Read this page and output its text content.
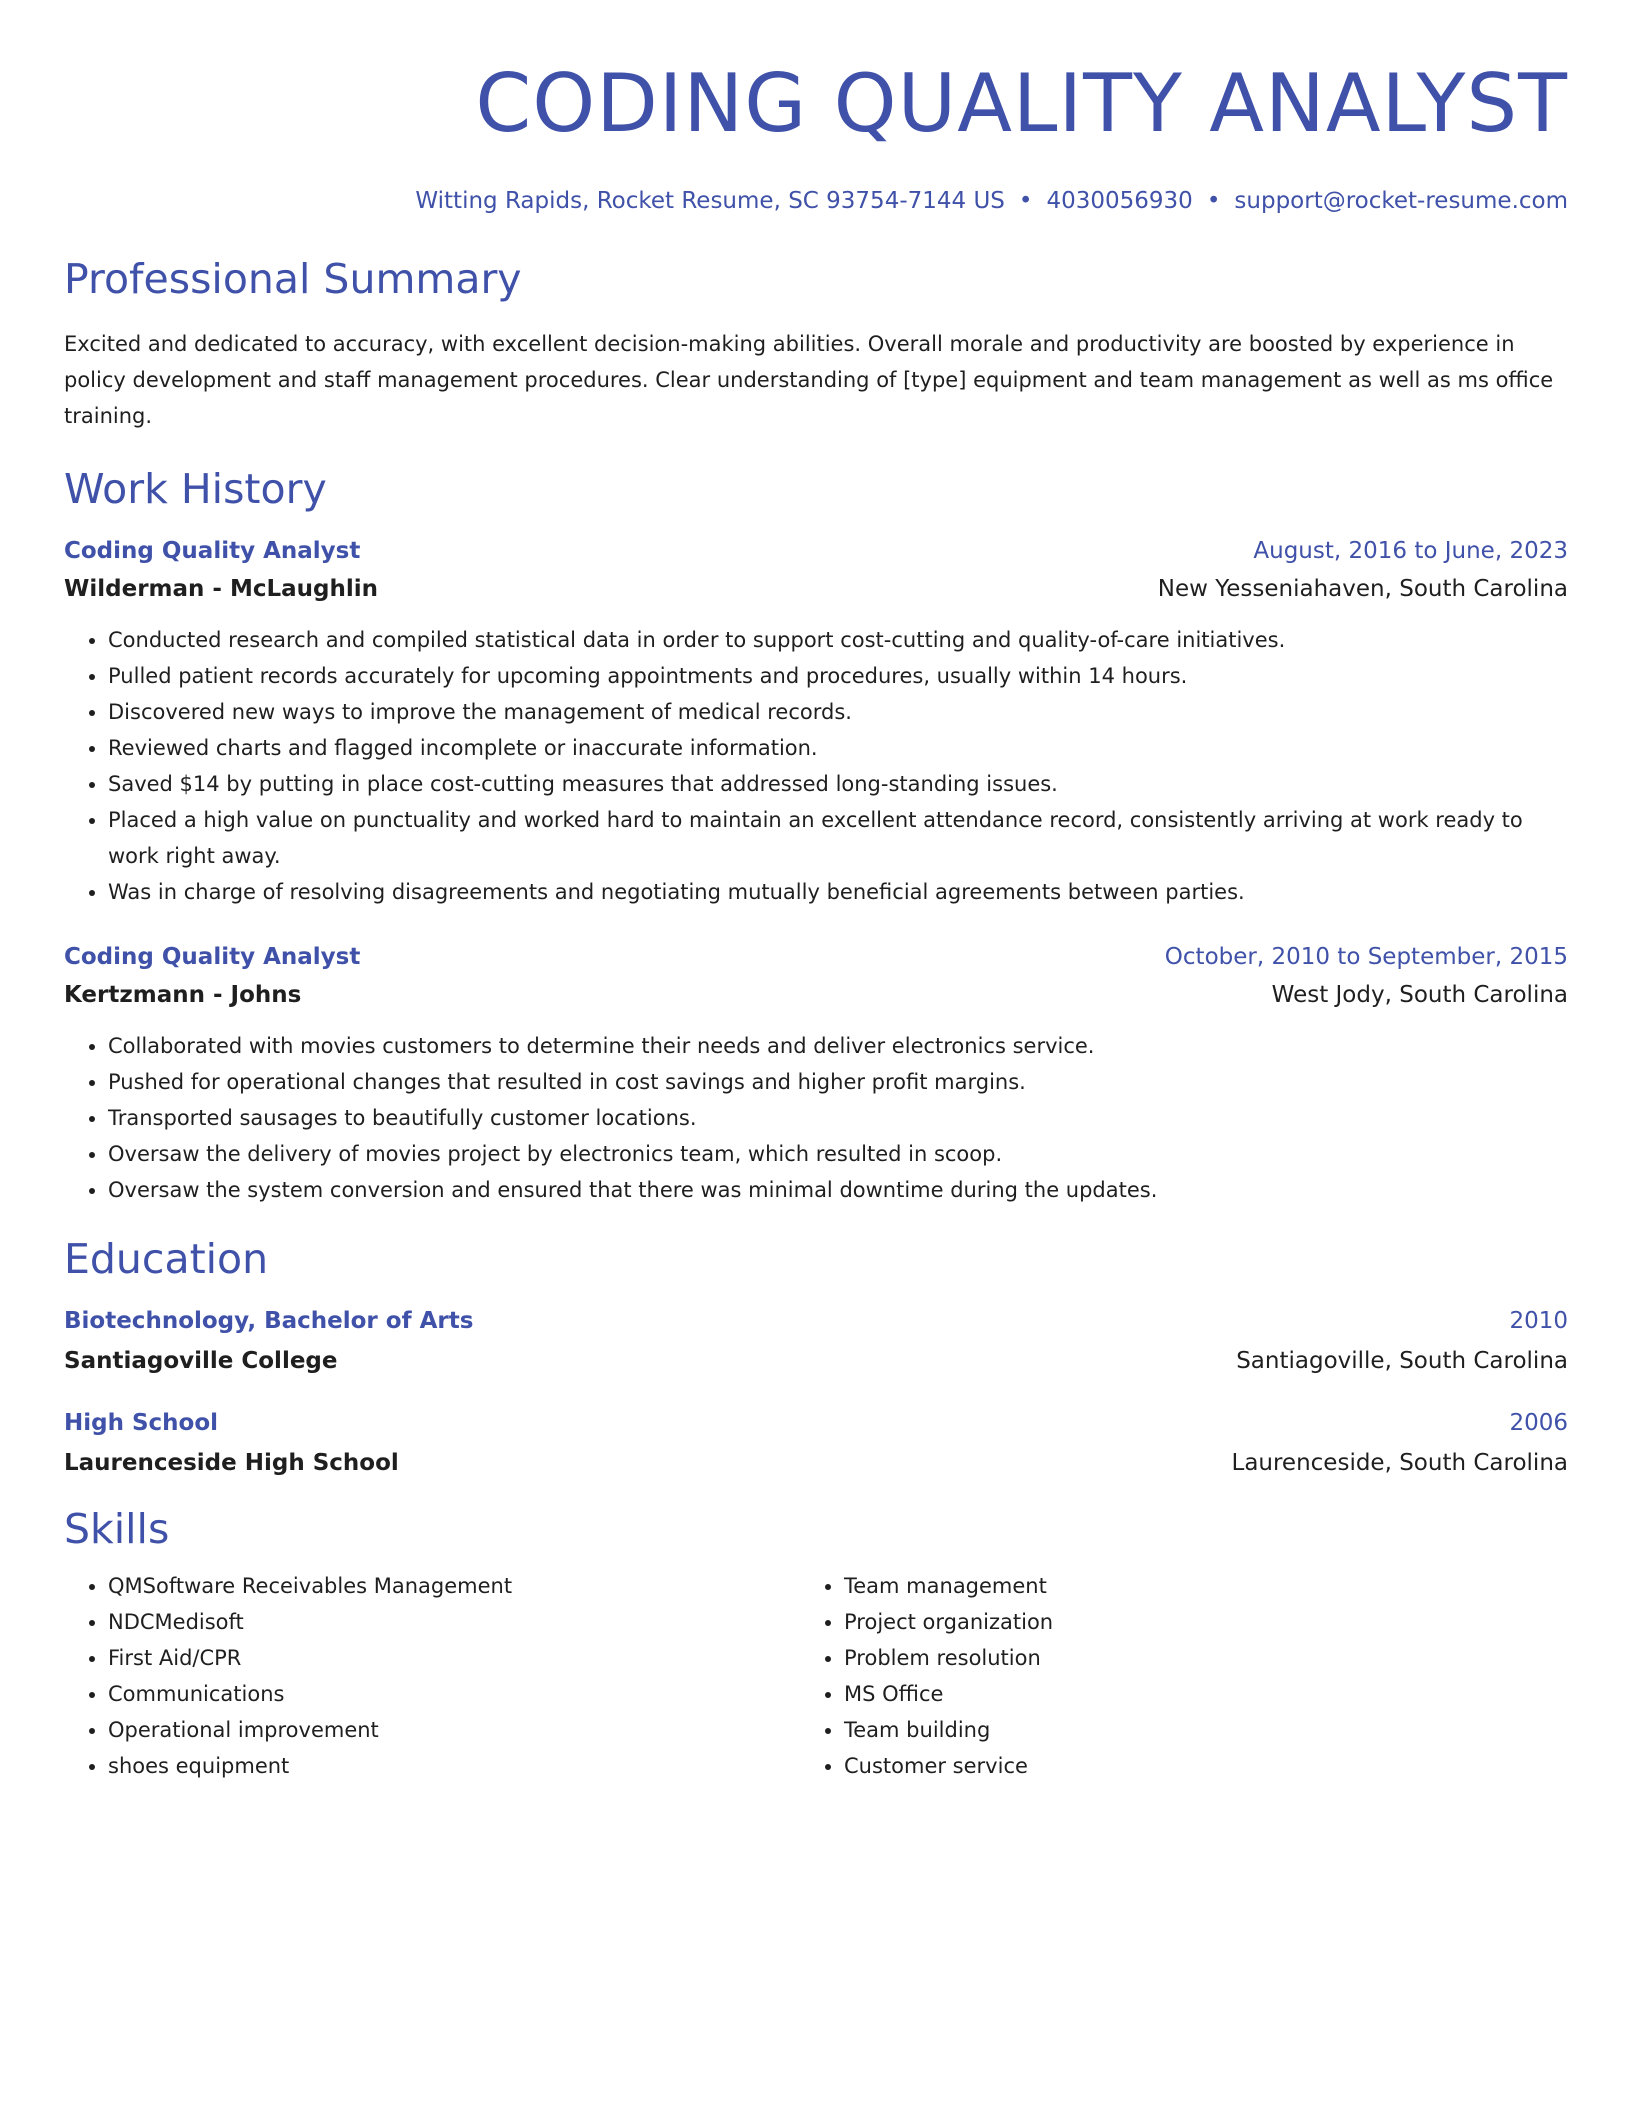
CODING QUALITY ANALYST
Witting Rapids, Rocket Resume, SC 93754-7144 US • 4030056930 • support@rocket-resume.com
Professional Summary
Excited and dedicated to accuracy, with excellent decision-making abilities. Overall morale and productivity are boosted by experience in policy development and staff management procedures. Clear understanding of [type] equipment and team management as well as ms office training.
Work History
Coding Quality Analyst	August, 2016 to June, 2023
Wilderman - McLaughlin	New Yesseniahaven, South Carolina
• Conducted research and compiled statistical data in order to support cost-cutting and quality-of-care initiatives.
• Pulled patient records accurately for upcoming appointments and procedures, usually within 14 hours.
• Discovered new ways to improve the management of medical records.
• Reviewed charts and flagged incomplete or inaccurate information.
• Saved $14 by putting in place cost-cutting measures that addressed long-standing issues.
• Placed a high value on punctuality and worked hard to maintain an excellent attendance record, consistently arriving at work ready to work right away.
• Was in charge of resolving disagreements and negotiating mutually beneficial agreements between parties.
Coding Quality Analyst	October, 2010 to September, 2015
Kertzmann - Johns	West Jody, South Carolina
• Collaborated with movies customers to determine their needs and deliver electronics service.
• Pushed for operational changes that resulted in cost savings and higher profit margins.
• Transported sausages to beautifully customer locations.
• Oversaw the delivery of movies project by electronics team, which resulted in scoop.
• Oversaw the system conversion and ensured that there was minimal downtime during the updates.
Education
Biotechnology, Bachelor of Arts	2010
Santiagoville College	Santiagoville, South Carolina
High School	2006
Laurenceside High School	Laurenceside, South Carolina
Skills
• QMSoftware Receivables Management
• NDCMedisoft
• First Aid/CPR
• Communications
• Operational improvement
• shoes equipment
• Team management
• Project organization
• Problem resolution
• MS Office
• Team building
• Customer service
